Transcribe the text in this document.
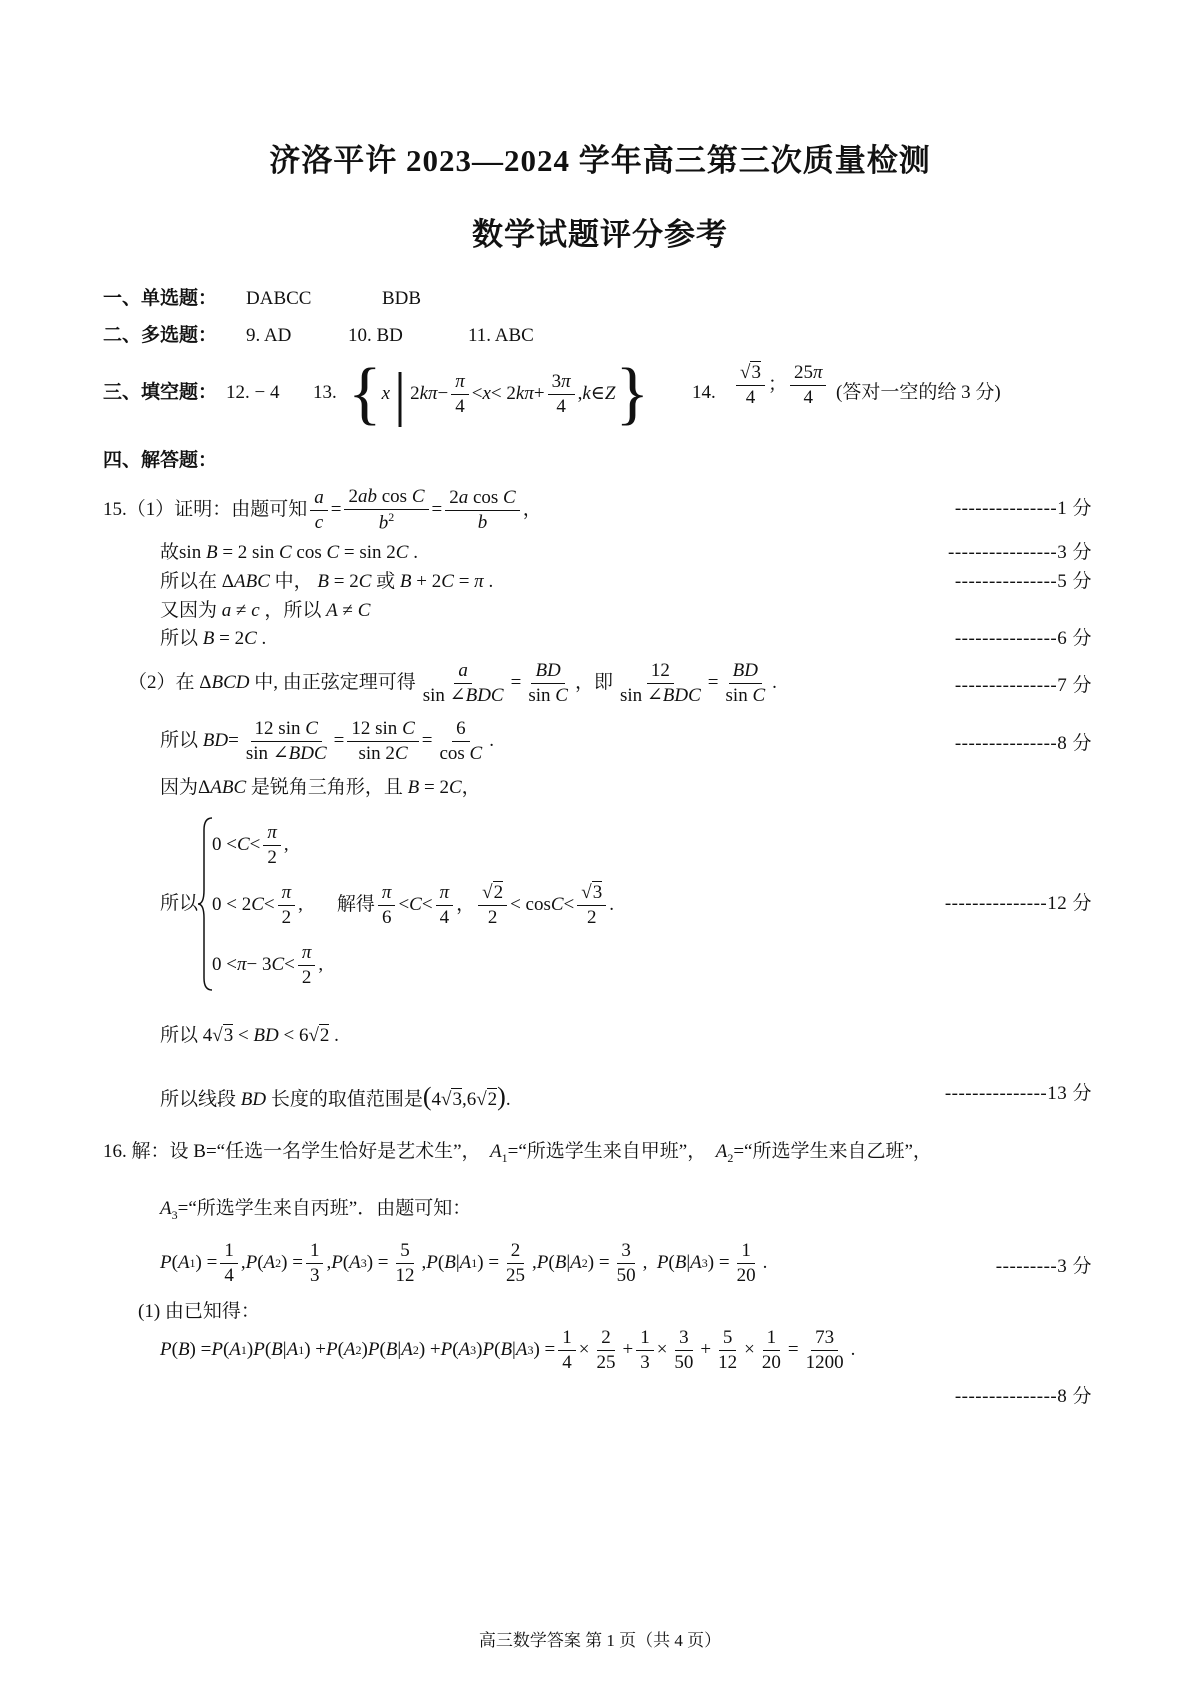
济洛平许 2023—2024 学年高三第三次质量检测
数学试题评分参考
一、单选题： DABCC	BDB
二、多选题： 9. AD	10. BD	11. ABC
三、填空题： 12. − 4 13. { x | 2 $k\pi - \frac{\pi}{4} < x < 2$ $k\pi + \frac{3\pi}{4}$ , k ∈ Z } 14. $\frac{√3}{4}$ ； $\frac{25\pi}{4}$ (答对一空的给 3 分)
四、解答题：
15.（1）证明：由题可知 $\frac{a}{c} = \frac{\text{2ab cos C}}{b^2} = \frac{\text{2a cos C}}{b}$ ，	---------------1 分
故sin B = 2 sin C cos C = sin 2C .	----------------3 分
所以在 ΔABC 中， B = 2C 或 B + 2C = π .	---------------5 分
又因为 a ≠ c ，所以 A ≠ C
所以 B = 2C .	---------------6 分
（2）在 Δ BCD
中, 由正弦定理可得 $\frac{a}{\text{sin ∠BDC}} = \frac{BD}{\text{sin C}}$ ，即 $\frac{12}{\text{sin ∠BDC}} = \frac{BD}{\text{sin C}}$ .	---------------7 分
所以
BD = $\frac{\text{12 sin C}}{\text{sin ∠BDC}} = \frac{\text{12 sin C}}{\sin 2C} = \frac{6}{\text{cos C}}$ .	---------------8 分
因为ΔABC 是锐角三角形，且 B = 2C，
所以
$0 < C < \frac{\pi}{2}$ ,
0 < 2 $C < \frac{\pi}{2}$ , 解得 $\frac{\pi}{6} < C < \frac{\pi}{4}$ ， $\frac{√2}{2} < \cos C < \frac{√3}{2}$ .	---------------12 分
0 < π − 3 $C < \frac{\pi}{2}$ ,
所以 4√3 < BD < 6√2 .
所以线段 BD 长度的取值范围是(4√3,6√2).	---------------13 分
16. 解：设 B=“任选一名学生恰好是艺术生”， $A_1=“$所选学生来自甲班”， $A_2=“$所选学生来自乙班”，
$A_3=“$所选学生来自丙班”．由题可知：
P ( A 1 ) = $\frac{1}{4}$ , P ( A 2 ) = $\frac{1}{3}$ , P ( A 3 ) = $\frac{5}{12}$ , P ( B | A 1 ) = $\frac{2}{25}$ , P ( B | A 2 ) = $\frac{3}{50}$ , P ( B | A 3 ) = $\frac{1}{20}$ .	---------3 分
(1) 由已知得：
P ( B ) = P ( A 1 ) P ( B | A 1 ) + P ( A 2 ) P ( B | A 2 ) + P ( A 3 ) P ( B | A 3 ) = $\frac{1}{4} \times \frac{2}{25} + \frac{1}{3} \times \frac{3}{50} + \frac{5}{12} \times \frac{1}{20} = \frac{73}{1200}$ .
---------------8 分
高三数学答案 第 1 页（共 4 页）
